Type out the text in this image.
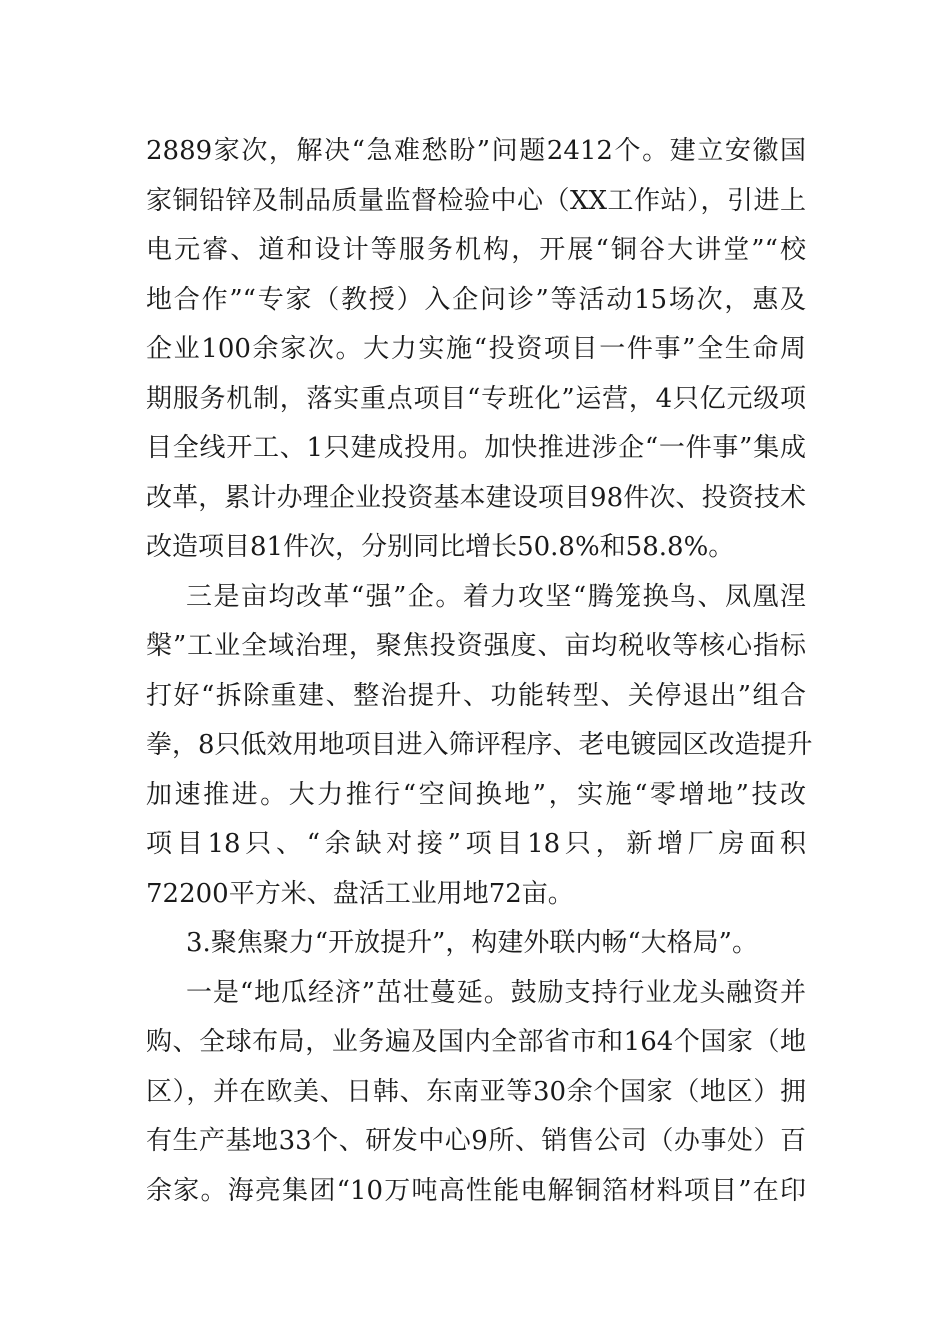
2889家次，解决“急难愁盼”问题2412个。建立安徽国
家铜铅锌及制品质量监督检验中心（XX工作站），引进上
电元睿、道和设计等服务机构，开展“铜谷大讲堂”“校
地合作”“专家（教授）入企问诊”等活动15场次，惠及
企业100余家次。大力实施“投资项目一件事”全生命周
期服务机制，落实重点项目“专班化”运营，4只亿元级项
目全线开工、1只建成投用。加快推进涉企“一件事”集成
改革，累计办理企业投资基本建设项目98件次、投资技术
改造项目81件次，分别同比增长50.8%和58.8%。
三是亩均改革“强”企。着力攻坚“腾笼换鸟、凤凰涅
槃”工业全域治理，聚焦投资强度、亩均税收等核心指标
打好“拆除重建、整治提升、功能转型、关停退出”组合
拳，8只低效用地项目进入筛评程序、老电镀园区改造提升
加速推进。大力推行“空间换地”，实施“零增地”技改
项目18只、“余缺对接”项目18只，新增厂房面积
72200平方米、盘活工业用地72亩。
3.聚焦聚力“开放提升”，构建外联内畅“大格局”。
一是“地瓜经济”茁壮蔓延。鼓励支持行业龙头融资并
购、全球布局，业务遍及国内全部省市和164个国家（地
区），并在欧美、日韩、东南亚等30余个国家（地区）拥
有生产基地33个、研发中心9所、销售公司（办事处）百
余家。海亮集团“10万吨高性能电解铜箔材料项目”在印
